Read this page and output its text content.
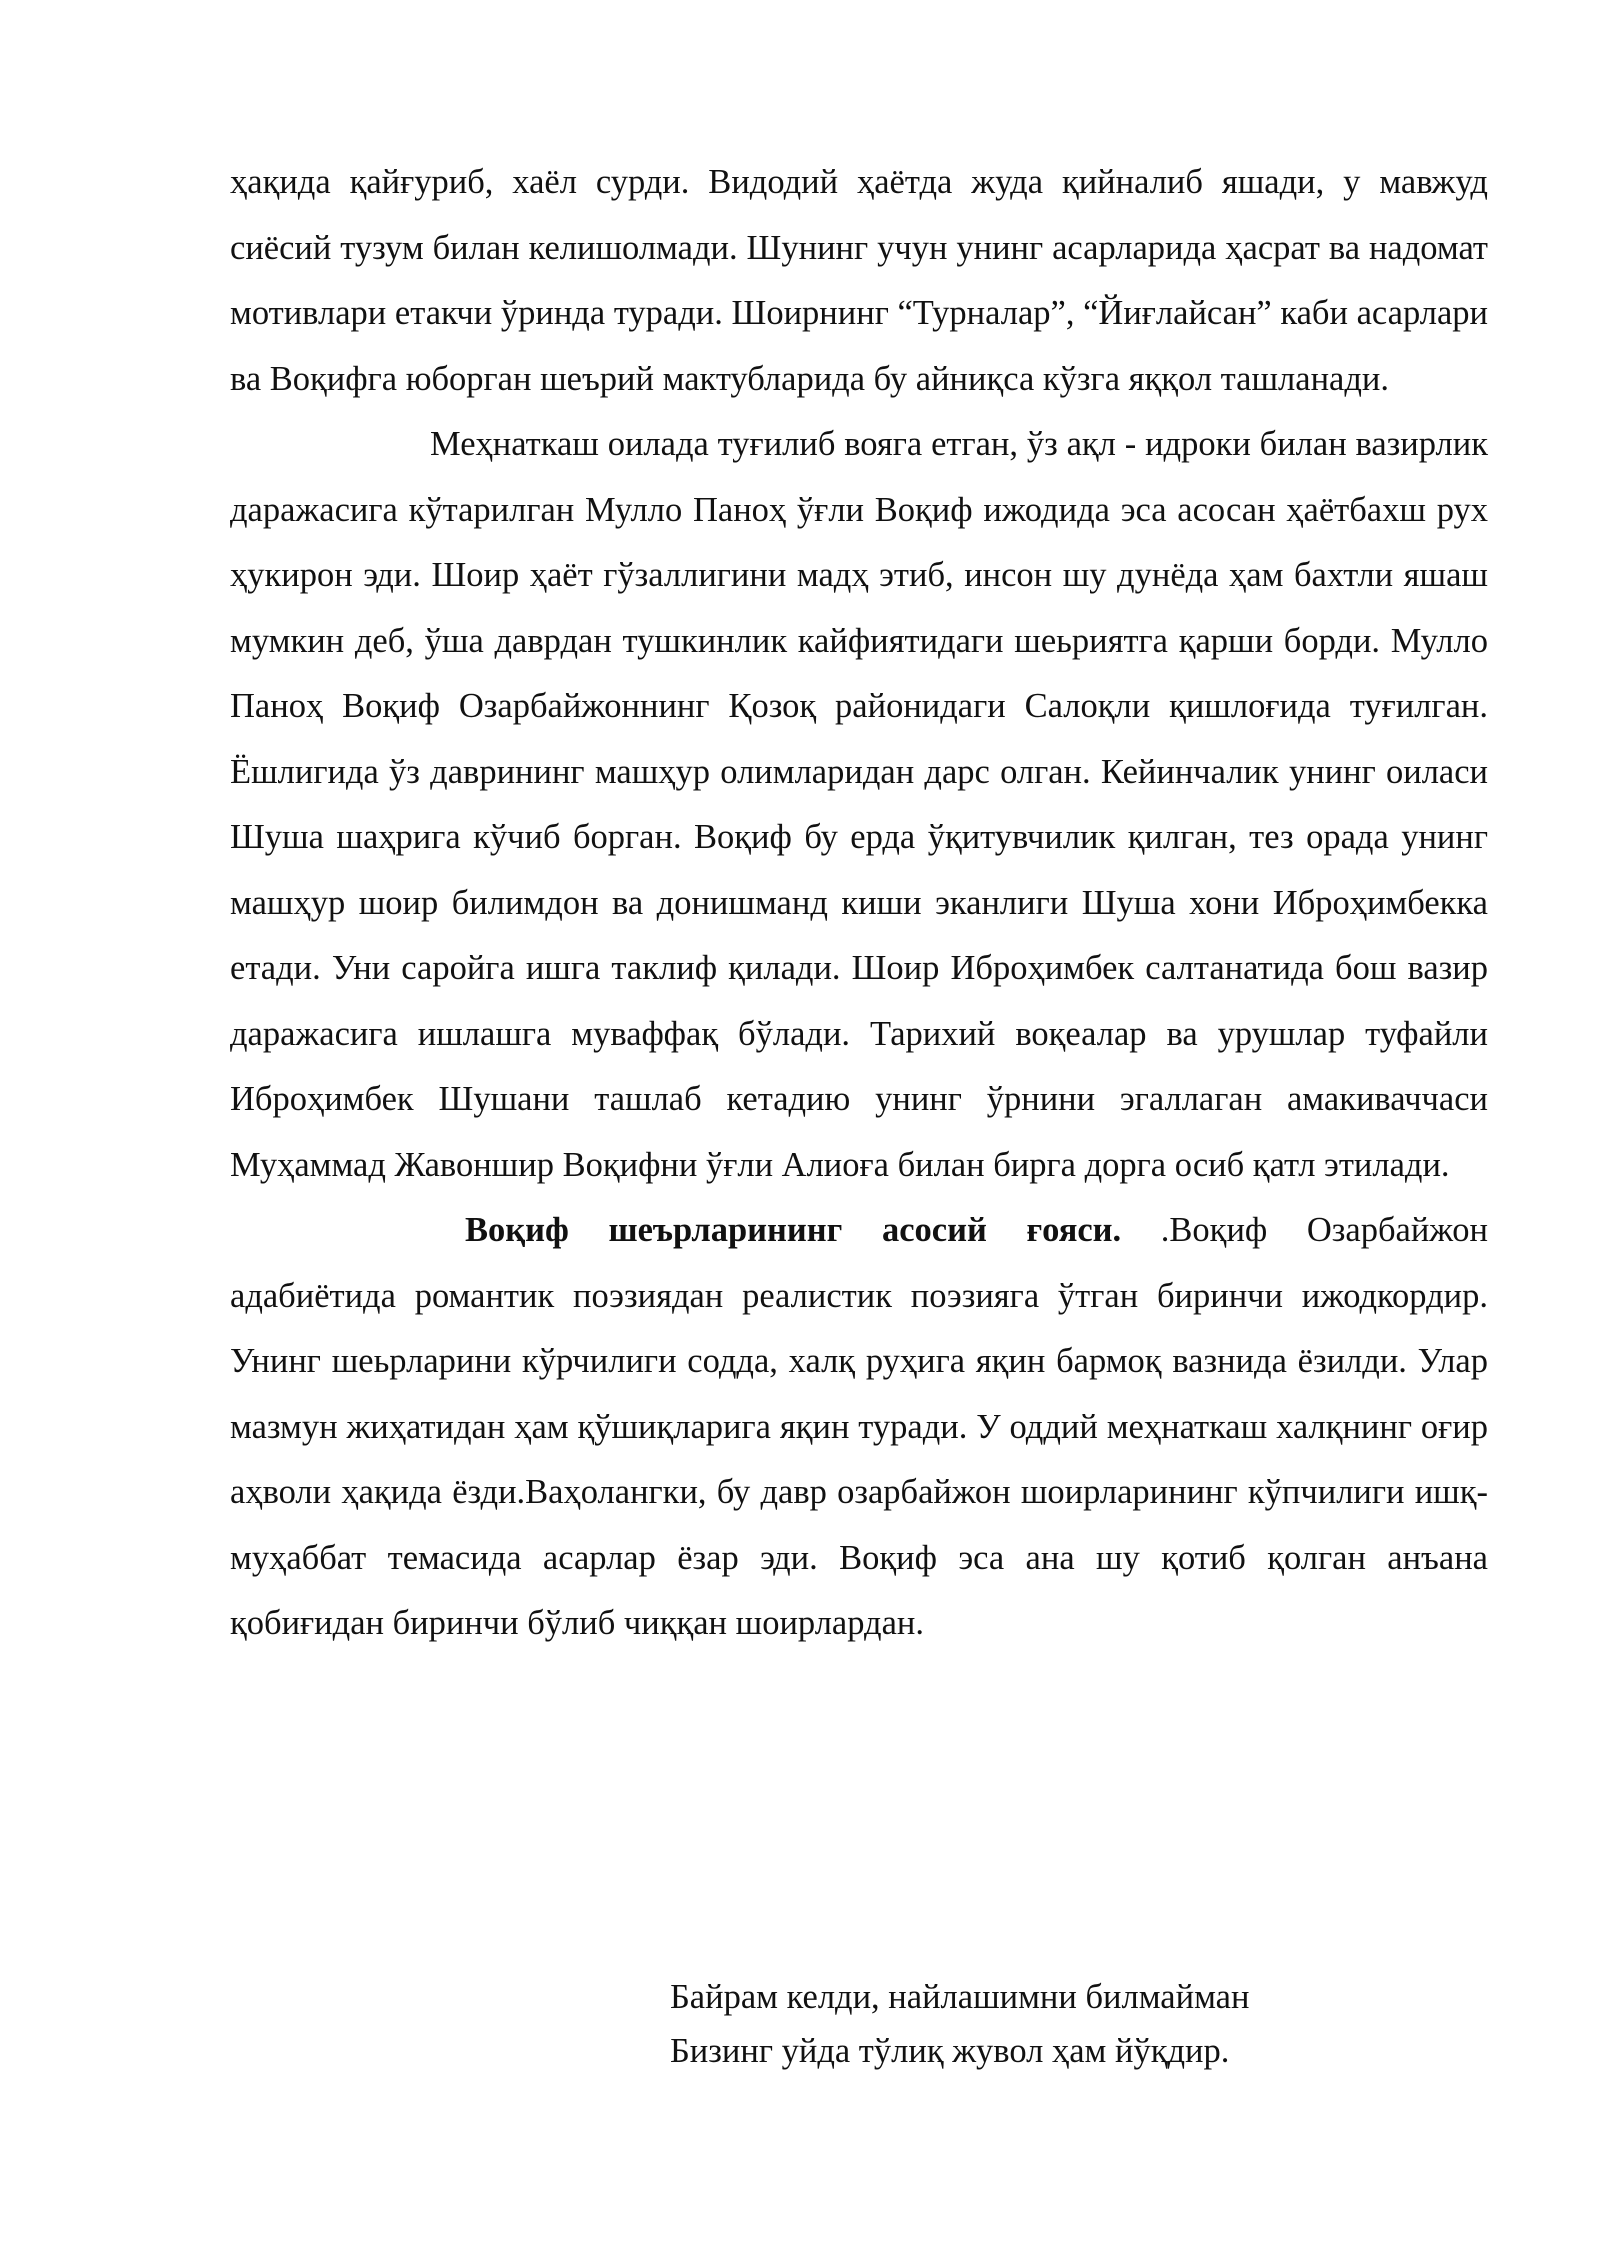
ҳақида қайғуриб, хаёл сурди. Видодий ҳаётда жуда қийналиб яшади, у мавжуд сиёсий тузум билан келишолмади. Шунинг учун унинг асарларида ҳасрат ва надомат мотивлари етакчи ўринда туради. Шоирнинг “Турналар”, “Йиғлайсан” каби асарлари ва Воқифга юборган шеърий мактубларида бу айниқса кўзга яққол ташланади.

Меҳнаткаш оилада туғилиб вояга етган, ўз ақл - идроки билан вазирлик даражасига кўтарилган Мулло Паноҳ ўғли Воқиф ижодида эса асосан ҳаётбахш рух ҳукирон эди. Шоир ҳаёт гўзаллигини мадҳ этиб, инсон шу дунёда ҳам бахтли яшаш мумкин деб, ўша даврдан тушкинлик кайфиятидаги шеьриятга қарши борди. Мулло Паноҳ Воқиф Озарбайжоннинг Қозоқ районидаги Салоқли қишлоғида туғилган. Ёшлигида ўз даврининг машҳур олимларидан дарс олган. Кейинчалик унинг оиласи Шуша шаҳрига кўчиб борган. Воқиф бу ерда ўқитувчилик қилган, тез орада унинг машҳур шоир билимдон ва донишманд киши эканлиги Шуша хони Иброҳимбекка етади. Уни саройга ишга таклиф қилади. Шоир Иброҳимбек салтанатида бош вазир даражасига ишлашга муваффақ бўлади. Тарихий воқеалар ва урушлар туфайли Иброҳимбек Шушани ташлаб кетадию унинг ўрнини эгаллаган амакиваччаси Муҳаммад Жавоншир Воқифни ўғли Алиоға билан бирга дорга осиб қатл этилади.

Воқиф шеърларининг асосий ғояси. .Воқиф Озарбайжон адабиётида романтик поэзиядан реалистик поэзияга ўтган биринчи ижодкордир. Унинг шеьрларини кўрчилиги содда, халқ руҳига яқин бармоқ вазнида ёзилди. Улар мазмун жиҳатидан ҳам қўшиқларига яқин туради. У оддий меҳнаткаш халқнинг оғир аҳволи ҳақида ёзди.Ваҳолангки, бу давр озарбайжон шоирларининг кўпчилиги ишқ-муҳаббат темасида асарлар ёзар эди. Воқиф эса ана шу қотиб қолган анъана қобиғидан биринчи бўлиб чиққан шоирлардан.

Байрам келди, найлашимни билмайман
Бизинг уйда тўлиқ жувол ҳам йўқдир.
